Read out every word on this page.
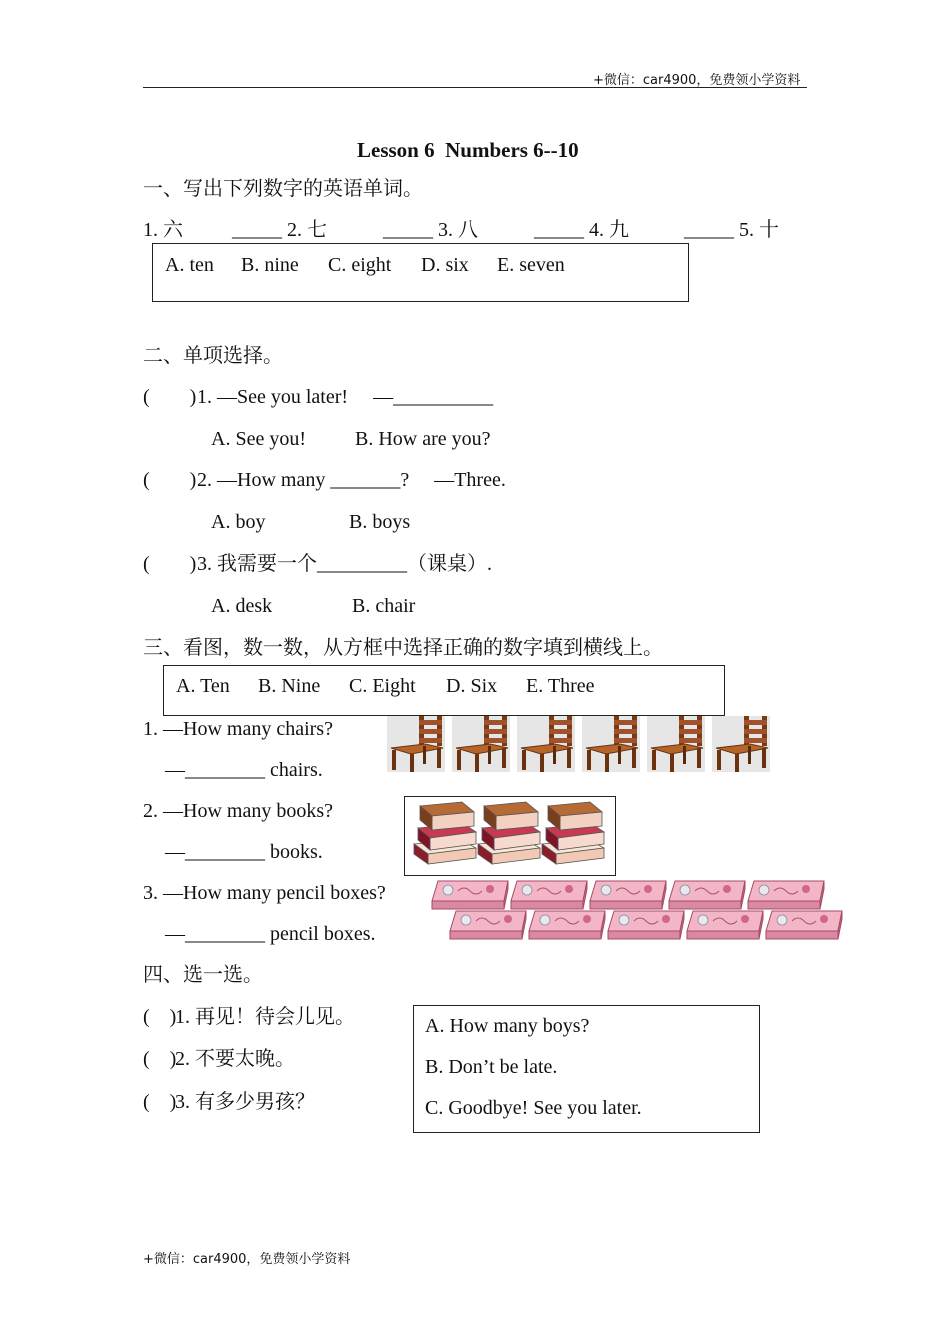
+微信：car4900，免费领小学资料
Lesson 6  Numbers 6--10
一、写出下列数字的英语单词。
1. 六 _____ 2. 七	_____ 3. 八	_____ 4. 九	_____ 5. 十
A. ten B. nine C. eight D. six E. seven
二、单项选择。
(        ) 1. —See you later!     —__________
A. See you! B. How are you?
(        ) 2. —How many _______?     —Three.
A. boy	B. boys
(        ) 3. 我需要一个_________（课桌）.
A. desk	B. chair
三、看图，数一数，从方框中选择正确的数字填到横线上。
A. Ten B. Nine C. Eight D. Six E. Three
1. —How many chairs?
—________ chairs.
2. —How many books?
—________ books.
3. —How many pencil boxes?
—________ pencil boxes.
四、选一选。
(    )
1. 再见！待会儿见。
(    )
2. 不要太晚。
(    )
3. 有多少男孩？
A. How many boys?
B. Don’t be late.
C. Goodbye! See you later.
+微信：car4900，免费领小学资料
